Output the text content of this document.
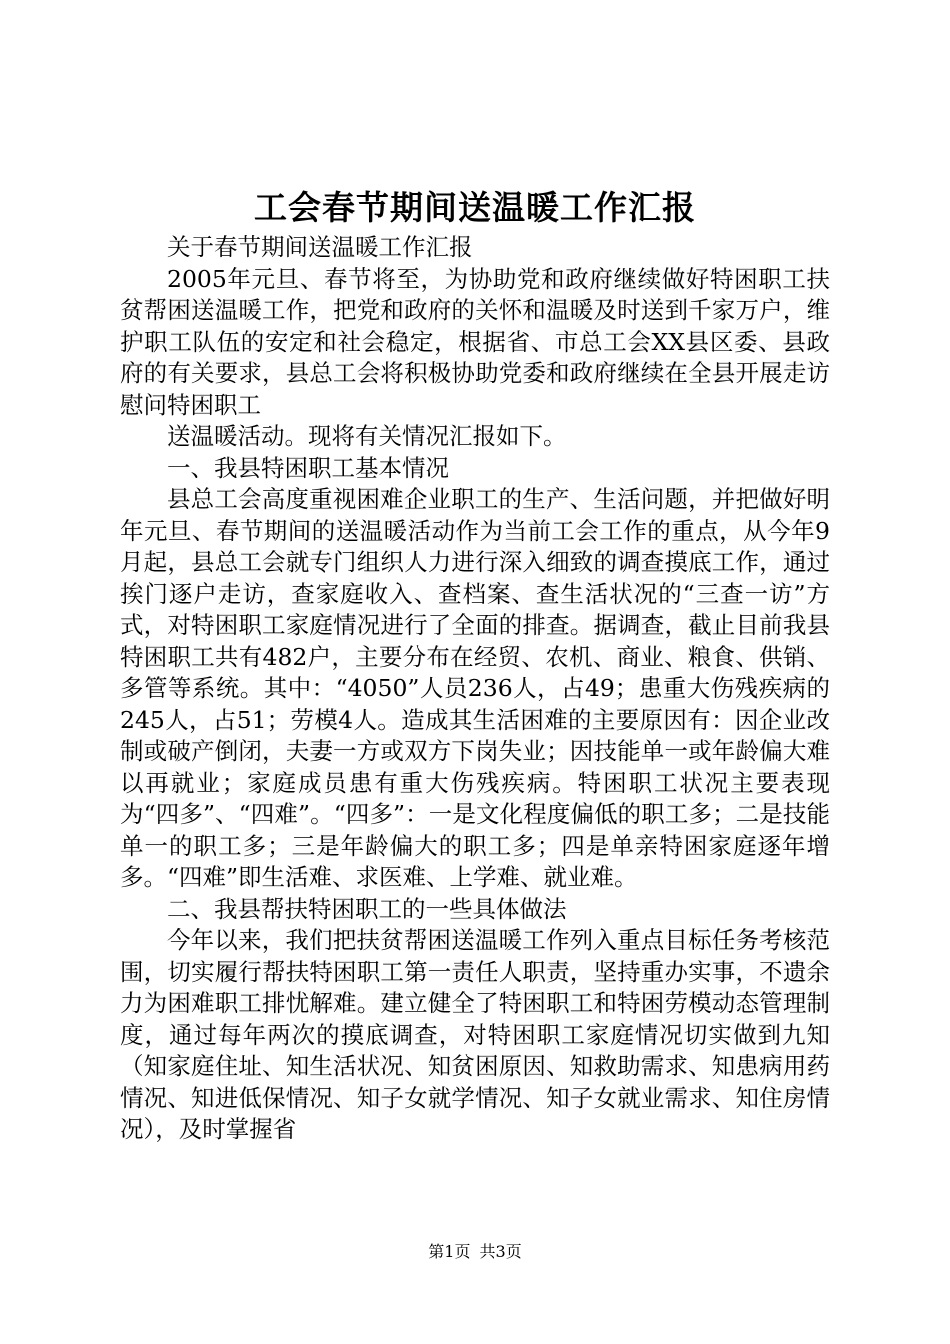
工会春节期间送温暖工作汇报

关于春节期间送温暖工作汇报

2005年元旦、春节将至，为协助党和政府继续做好特困职工扶贫帮困送温暖工作，把党和政府的关怀和温暖及时送到千家万户，维护职工队伍的安定和社会稳定，根据省、市总工会XX县区委、县政府的有关要求，县总工会将积极协助党委和政府继续在全县开展走访慰问特困职工

送温暖活动。现将有关情况汇报如下。

一、我县特困职工基本情况

县总工会高度重视困难企业职工的生产、生活问题，并把做好明年元旦、春节期间的送温暖活动作为当前工会工作的重点，从今年9月起，县总工会就专门组织人力进行深入细致的调查摸底工作，通过挨门逐户走访，查家庭收入、查档案、查生活状况的“三查一访”方式，对特困职工家庭情况进行了全面的排查。据调查，截止目前我县特困职工共有482户，主要分布在经贸、农机、商业、粮食、供销、多管等系统。其中：“4050”人员236人，占49；患重大伤残疾病的245人，占51；劳模4人。造成其生活困难的主要原因有：因企业改制或破产倒闭，夫妻一方或双方下岗失业；因技能单一或年龄偏大难以再就业；家庭成员患有重大伤残疾病。特困职工状况主要表现为“四多”、“四难”。“四多”：一是文化程度偏低的职工多；二是技能单一的职工多；三是年龄偏大的职工多；四是单亲特困家庭逐年增多。“四难”即生活难、求医难、上学难、就业难。

二、我县帮扶特困职工的一些具体做法

今年以来，我们把扶贫帮困送温暖工作列入重点目标任务考核范围，切实履行帮扶特困职工第一责任人职责，坚持重办实事，不遗余力为困难职工排忧解难。建立健全了特困职工和特困劳模动态管理制度，通过每年两次的摸底调查，对特困职工家庭情况切实做到九知（知家庭住址、知生活状况、知贫困原因、知救助需求、知患病用药情况、知进低保情况、知子女就学情况、知子女就业需求、知住房情况），及时掌握省

第1页 共3页
